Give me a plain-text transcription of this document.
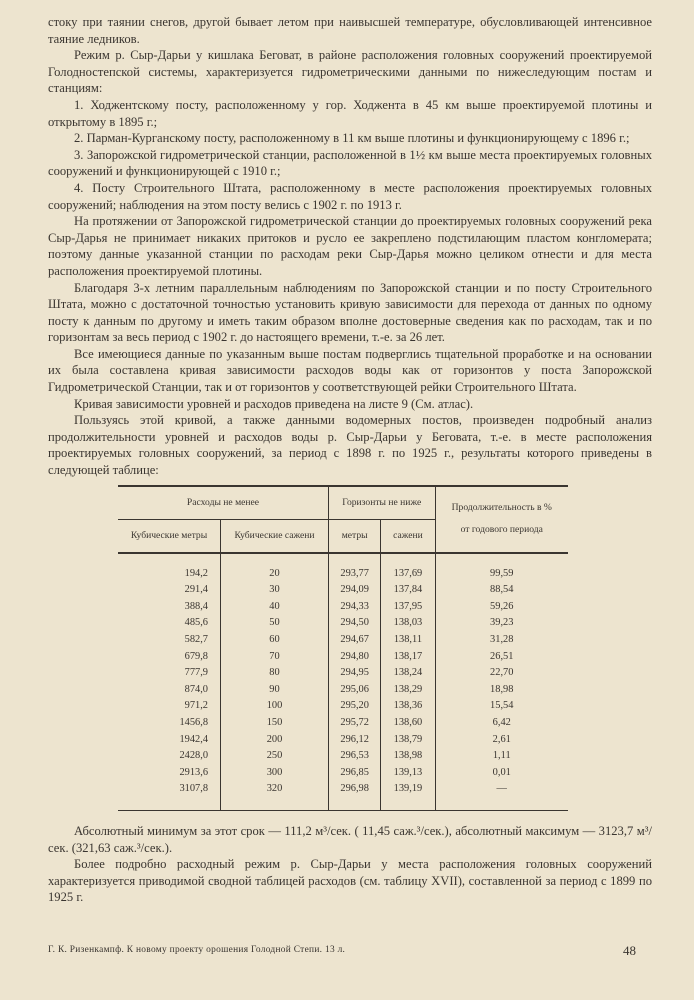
стоку при таянии снегов, другой бывает летом при наивысшей температуре, обусловливающей интенсивное таяние ледников.

Режим р. Сыр-Дарьи у кишлака Беговат, в районе расположения головных сооружений проектируемой Голодностепской системы, характеризуется гидрометрическими данными по нижеследующим постам и станциям:

1. Ходжентскому посту, расположенному у гор. Ходжента в 45 км выше проектируемой плотины и открытому в 1895 г.;

2. Парман-Курганскому посту, расположенному в 11 км выше плотины и функционирующему с 1896 г.;

3. Запорожской гидрометрической станции, расположенной в 1½ км выше места проектируемых головных сооружений и функционирующей с 1910 г.;

4. Посту Строительного Штата, расположенному в месте расположения проектируемых головных сооружений; наблюдения на этом посту велись с 1902 г. по 1913 г.

На протяжении от Запорожской гидрометрической станции до проектируемых головных сооружений река Сыр-Дарья не принимает никаких притоков и русло ее закреплено подстилающим пластом конгломерата; поэтому данные указанной станции по расходам реки Сыр-Дарья можно целиком отнести и для места расположения проектируемой плотины.

Благодаря 3-х летним параллельным наблюдениям по Запорожской станции и по посту Строительного Штата, можно с достаточной точностью установить кривую зависимости для перехода от данных по одному посту к данным по другому и иметь таким образом вполне достоверные сведения как по расходам, так и по горизонтам за весь период с 1902 г. до настоящего времени, т.-е. за 26 лет.

Все имеющиеся данные по указанным выше постам подверглись тщательной проработке и на основании их была составлена кривая зависимости расходов воды как от горизонтов у поста Запорожской Гидрометрической Станции, так и от горизонтов у соответствующей рейки Строительного Штата.

Кривая зависимости уровней и расходов приведена на листе 9 (См. атлас).

Пользуясь этой кривой, а также данными водомерных постов, произведен подробный анализ продолжительности уровней и расходов воды р. Сыр-Дарьи у Беговата, т.-е. в месте расположения проектируемых головных сооружений, за период с 1898 г. по 1925 г., результаты которого приведены в следующей таблице:

Расходы не менее		Горизонты не ниже		Продолжительность в %
от годового периода

Кубические метры	Кубические сажени	метры	сажени	

194,2	20	293,77	137,69	99,59
291,4	30	294,09	137,84	88,54
388,4	40	294,33	137,95	59,26
485,6	50	294,50	138,03	39,23
582,7	60	294,67	138,11	31,28
679,8	70	294,80	138,17	26,51
777,9	80	294,95	138,24	22,70
874,0	90	295,06	138,29	18,98
971,2	100	295,20	138,36	15,54
1456,8	150	295,72	138,60	6,42
1942,4	200	296,12	138,79	2,61
2428,0	250	296,53	138,98	1,11
2913,6	300	296,85	139,13	0,01
3107,8	320	296,98	139,19	—

Абсолютный минимум за этот срок — 111,2 м³/сек. ( 11,45 саж.³/сек.), абсолютный максимум — 3123,7 м³/сек. (321,63 саж.³/сек.).

Более подробно расходный режим р. Сыр-Дарьи у места расположения головных сооружений характеризуется приводимой сводной таблицей расходов (см. таблицу XVII), составленной за период с 1899 по 1925 г.

Г. К. Ризенкампф. К новому проекту орошения Голодной Степи. 13 л.	48
